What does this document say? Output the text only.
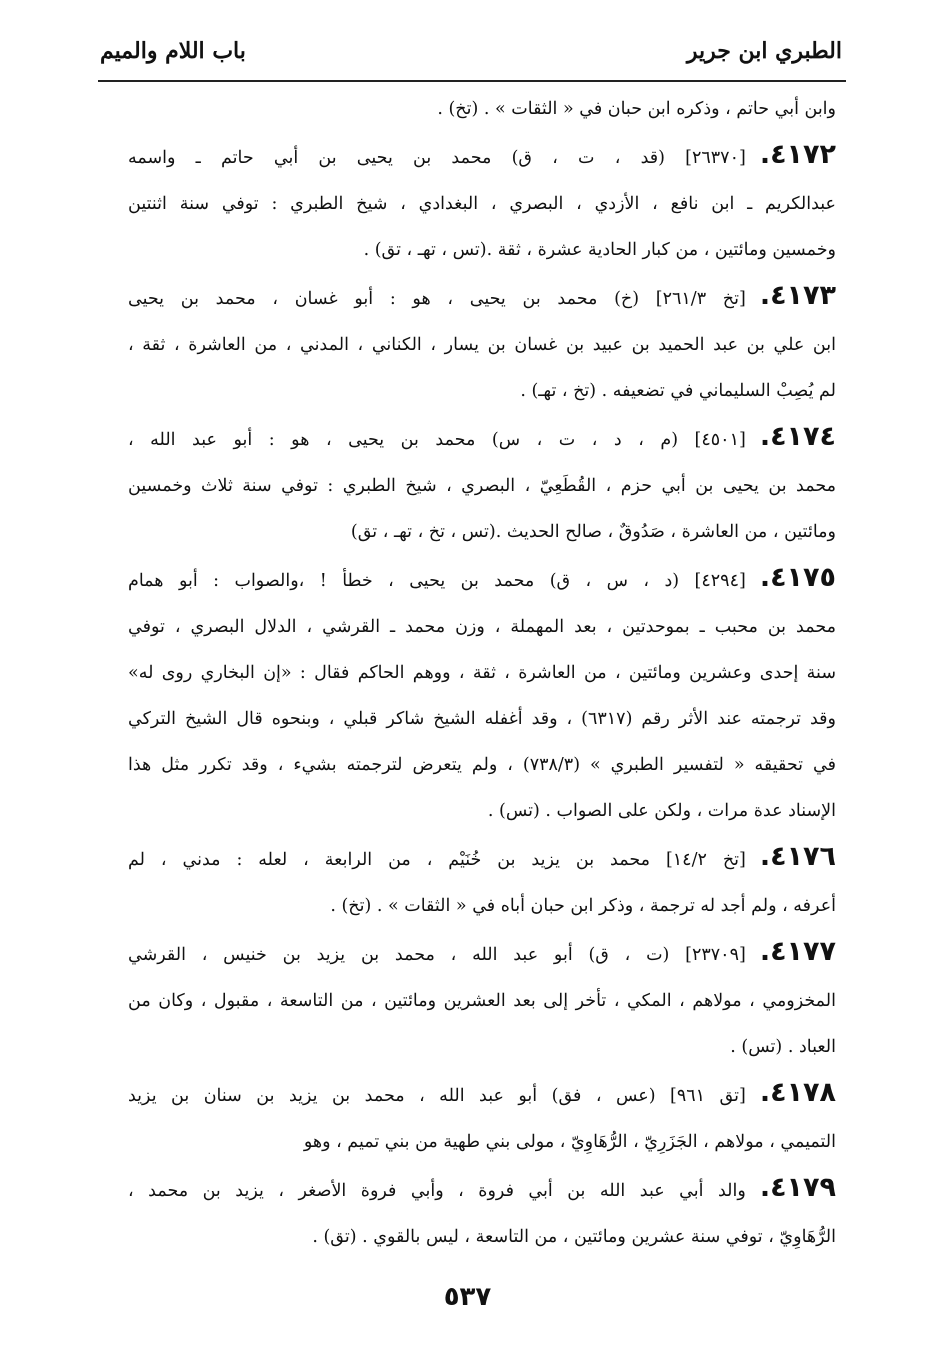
الطبري ابن جرير
باب اللام والميم
وابن أبي حاتم ، وذكره ابن حبان في « الثقات » . (تخ) .
٤١٧٢.[٢٦٣٧٠] (قد ، ت ، ق) محمد بن يحيى بن أبي حاتم ـ واسمه
عبدالكريم ـ ابن نافع ، الأزدي ، البصري ، البغدادي ، شيخ الطبري : توفي سنة اثنتين
وخمسين ومائتين ، من كبار الحادية عشرة ، ثقة .(تس ، تهـ ، تق) .
٤١٧٣.[تخ ٢٦١/٣] (خ) محمد بن يحيى ، هو : أبو غسان ، محمد بن يحيى
ابن علي بن عبد الحميد بن عبيد بن غسان بن يسار ، الكناني ، المدني ، من العاشرة ، ثقة ،
لم يُصِبْ السليماني في تضعيفه . (تخ ، تهـ) .
٤١٧٤.[٤٥٠١] (م ، د ، ت ، س) محمد بن يحيى ، هو : أبو عبد الله ،
محمد بن يحيى بن أبي حزم ، القُطَعِيّ ، البصري ، شيخ الطبري : توفي سنة ثلاث وخمسين
ومائتين ، من العاشرة ، صَدُوقٌ ، صالح الحديث .(تس ، تخ ، تهـ ، تق)
٤١٧٥.[٤٢٩٤] (د ، س ، ق) محمد بن يحيى ، خطأ ! ،والصواب : أبو همام
محمد بن محبب ـ بموحدتين ، بعد المهملة ، وزن محمد ـ القرشي ، الدلال البصري ، توفي
سنة إحدى وعشرين ومائتين ، من العاشرة ، ثقة ، ووهم الحاكم فقال : «إن البخاري روى له»
وقد ترجمته عند الأثر رقم (٦٣١٧) ، وقد أغفله الشيخ شاكر قبلي ، وبنحوه قال الشيخ التركي
في تحقيقه « لتفسير الطبري » (٧٣٨/٣) ، ولم يتعرض لترجمته بشيء ، وقد تكرر مثل هذا
الإسناد عدة مرات ، ولكن على الصواب . (تس) .
٤١٧٦.[تخ ١٤/٢] محمد بن يزيد بن خُنَيْم ، من الرابعة ، لعله : مدني ، لم
أعرفه ، ولم أجد له ترجمة ، وذكر ابن حبان أباه في « الثقات » . (تخ) .
٤١٧٧.[٢٣٧٠٩] (ت ، ق) أبو عبد الله ، محمد بن يزيد بن خنيس ، القرشي
المخزومي ، مولاهم ، المكي ، تأخر إلى بعد العشرين ومائتين ، من التاسعة ، مقبول ، وكان من
العباد . (تس) .
٤١٧٨.[تق ٩٦١] (عس ، فق) أبو عبد الله ، محمد بن يزيد بن سنان بن يزيد
التميمي ، مولاهم ، الجَزَرِيّ ، الرُّهَاوِيّ ، مولى بني طهية من بني تميم ، وهو
٤١٧٩.والد أبي عبد الله بن أبي فروة ، وأبي فروة الأصغر ، يزيد بن محمد ،
الرُّهَاوِيّ ، توفي سنة عشرين ومائتين ، من التاسعة ، ليس بالقوي . (تق) .
٥٣٧
